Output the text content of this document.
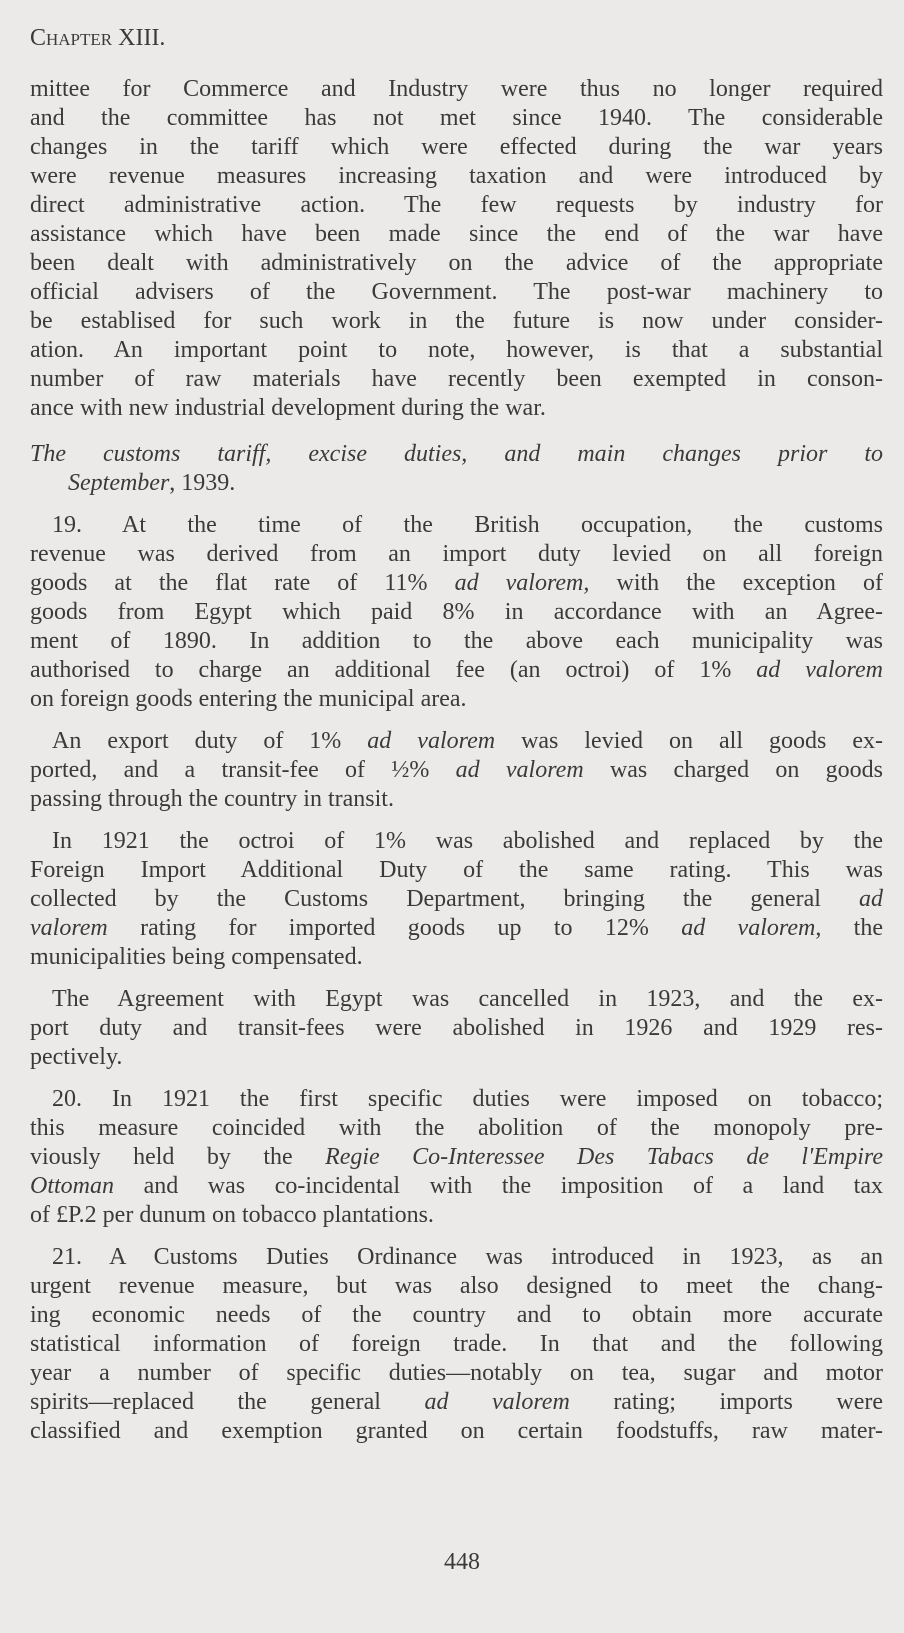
Chapter XIII.
mittee for Commerce and Industry were thus no longer required
and the committee has not met since 1940. The considerable
changes in the tariff which were effected during the war years
were revenue measures increasing taxation and were introduced by
direct administrative action. The few requests by industry for
assistance which have been made since the end of the war have
been dealt with administratively on the advice of the appropriate
official advisers of the Government. The post-war machinery to
be establised for such work in the future is now under consider-
ation. An important point to note, however, is that a substantial
number of raw materials have recently been exempted in conson-
ance with new industrial development during the war.
The customs tariff, excise duties, and main changes prior to
September, 1939.
19. At the time of the British occupation, the customs
revenue was derived from an import duty levied on all foreign
goods at the flat rate of 11% ad valorem, with the exception of
goods from Egypt which paid 8% in accordance with an Agree-
ment of 1890. In addition to the above each municipality was
authorised to charge an additional fee (an octroi) of 1% ad valorem
on foreign goods entering the municipal area.
An export duty of 1% ad valorem was levied on all goods ex-
ported, and a transit-fee of ½% ad valorem was charged on goods
passing through the country in transit.
In 1921 the octroi of 1% was abolished and replaced by the
Foreign Import Additional Duty of the same rating. This was
collected by the Customs Department, bringing the general ad
valorem rating for imported goods up to 12% ad valorem, the
municipalities being compensated.
The Agreement with Egypt was cancelled in 1923, and the ex-
port duty and transit-fees were abolished in 1926 and 1929 res-
pectively.
20. In 1921 the first specific duties were imposed on tobacco;
this measure coincided with the abolition of the monopoly pre-
viously held by the Regie Co-Interessee Des Tabacs de l'Empire
Ottoman and was co-incidental with the imposition of a land tax
of £P.2 per dunum on tobacco plantations.
21. A Customs Duties Ordinance was introduced in 1923, as an
urgent revenue measure, but was also designed to meet the chang-
ing economic needs of the country and to obtain more accurate
statistical information of foreign trade. In that and the following
year a number of specific duties—notably on tea, sugar and motor
spirits—replaced the general ad valorem rating; imports were
classified and exemption granted on certain foodstuffs, raw mater-
448
